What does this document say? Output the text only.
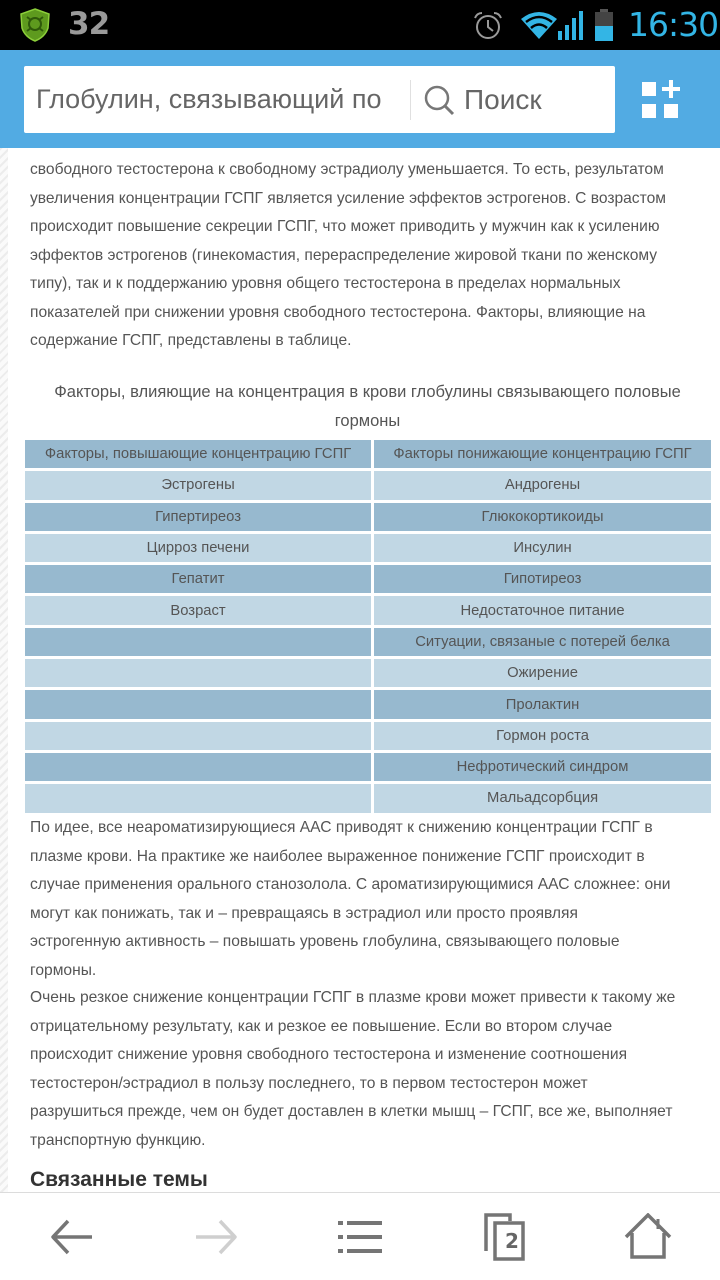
32	16:30
Глобулин, связывающий по
Поиск
свободного тестостерона к свободному эстрадиолу уменьшается. То есть, результатом
увеличения концентрации ГСПГ является усиление эффектов эстрогенов. С возрастом
происходит повышение секреции ГСПГ, что может приводить у мужчин как к усилению
эффектов эстрогенов (гинекомастия, перераспределение жировой ткани по женскому
типу), так и к поддержанию уровня общего тестостерона в пределах нормальных
показателей при снижении уровня свободного тестостерона. Факторы, влияющие на
содержание ГСПГ, представлены в таблице.
Факторы, влияющие на концентрация в крови глобулины связывающего половые
гормоны
Факторы, повышающие концентрацию ГСПГ	Факторы понижающие концентрацию ГСПГ
Эстрогены	Андрогены
Гипертиреоз	Глюкокортикоиды
Цирроз печени	Инсулин
Гепатит	Гипотиреоз
Возраст	Недостаточное питание
	Ситуации, связаные с потерей белка
	Ожирение
	Пролактин
	Гормон роста
	Нефротический синдром
	Мальадсорбция
По идее, все неароматизирующиеся ААС приводят к снижению концентрации ГСПГ в
плазме крови. На практике же наиболее выраженное понижение ГСПГ происходит в
случае применения орального станозолола. С ароматизирующимися ААС сложнее: они
могут как понижать, так и – превращаясь в эстрадиол или просто проявляя
эстрогенную активность – повышать уровень глобулина, связывающего половые
гормоны.
Очень резкое снижение концентрации ГСПГ в плазме крови может привести к такому же
отрицательному результату, как и резкое ее повышение. Если во втором случае
происходит снижение уровня свободного тестостерона и изменение соотношения
тестостерон/эстрадиол в пользу последнего, то в первом тестостерон может
разрушиться прежде, чем он будет доставлен в клетки мышц – ГСПГ, все же, выполняет
транспортную функцию.
Связанные темы
2
